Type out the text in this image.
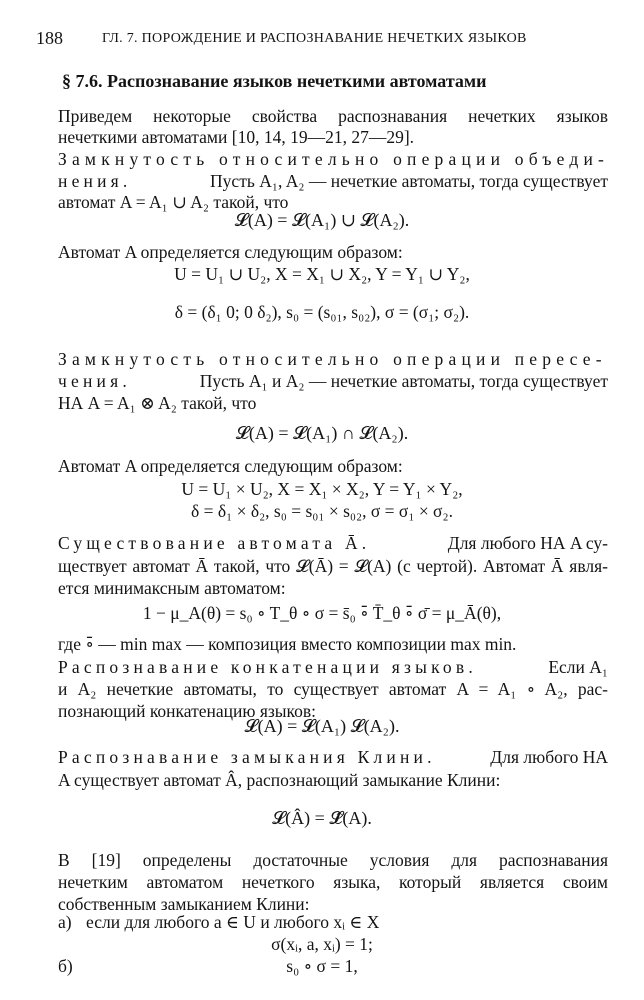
188	ГЛ. 7. ПОРОЖДЕНИЕ И РАСПОЗНАВАНИЕ НЕЧЕТКИХ ЯЗЫКОВ
§ 7.6. Распознавание языков нечеткими автоматами
Приведем некоторые свойства распознавания нечетких языков
нечеткими автоматами [10, 14, 19—21, 27—29].
Замкнутость относительно операции объеди-
нения.	Пусть A₁, A₂ — нечеткие автоматы, тогда существует
автомат A = A₁ ∪ A₂ такой, что
𝓛(A) = 𝓛(A₁) ∪ 𝓛(A₂).
Автомат A определяется следующим образом:
U = U₁ ∪ U₂, X = X₁ ∪ X₂, Y = Y₁ ∪ Y₂,
δ = (δ₁ 0; 0 δ₂), s₀ = (s₀₁, s₀₂), σ = (σ₁; σ₂).
Замкнутость относительно операции пересе-
чения.	Пусть A₁ и A₂ — нечеткие автоматы, тогда существует
НА A = A₁ ⊗ A₂ такой, что
𝓛(A) = 𝓛(A₁) ∩ 𝓛(A₂).
Автомат A определяется следующим образом:
U = U₁ × U₂, X = X₁ × X₂, Y = Y₁ × Y₂,
δ = δ₁ × δ₂, s₀ = s₀₁ × s₀₂, σ = σ₁ × σ₂.
Существование автомата Ā.	Для любого НА A су-
ществует автомат Ā такой, что 𝓛(Ā) = 𝓛(A) (с чертой). Автомат Ā явля-
ется минимаксным автоматом:
1 − μ_A(θ) = s₀ ∘ T_θ ∘ σ = s̄₀ ∘̄ T̄_θ ∘̄ σ̄ = μ_Ā(θ),
где ∘̄ — min max — композиция вместо композиции max min.
Распознавание конкатенации языков.	Если A₁
и A₂ нечеткие автоматы, то существует автомат A = A₁ ∘ A₂, рас-
познающий конкатенацию языков:
𝓛(A) = 𝓛(A₁) 𝓛(A₂).
Распознавание замыкания Клини.	Для любого НА
A существует автомат Â, распознающий замыкание Клини:
𝓛(Â) = 𝓛̂(A).
В [19] определены достаточные условия для распознавания
нечетким автоматом нечеткого языка, который является своим
собственным замыканием Клини:
а) если для любого a ∈ U и любого xᵢ ∈ X
σ(xᵢ, a, xᵢ) = 1;
б)	s₀ ∘ σ = 1,
